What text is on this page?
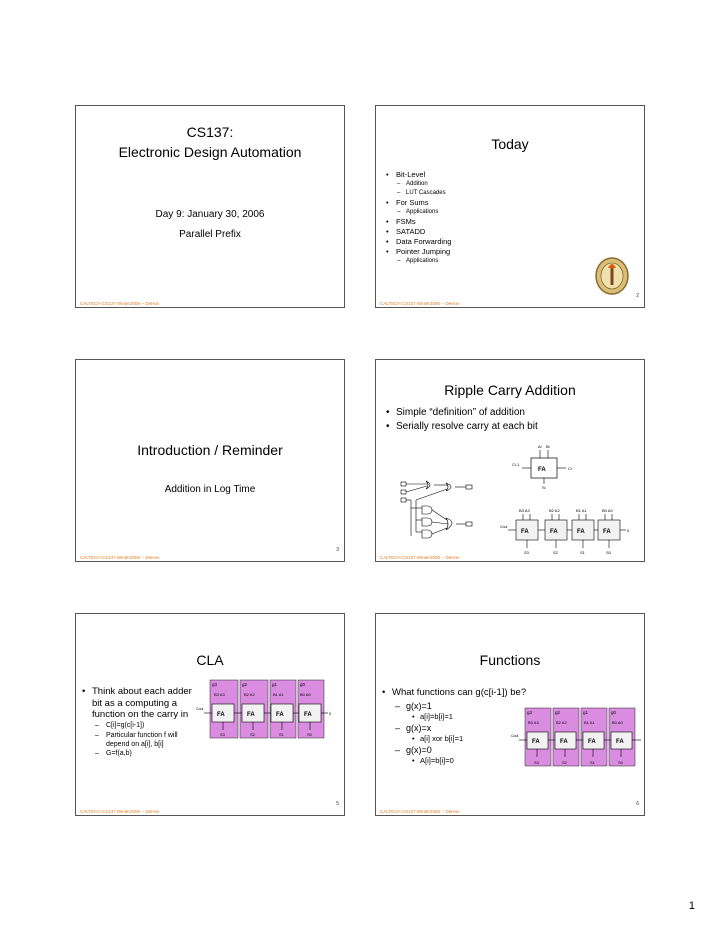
CS137:
Electronic Design Automation
Day 9: January 30, 2006
Parallel Prefix
CALTECH CS137 Winter2006 -- DeHon
Today
• Bit-Level
– Addition
– LUT Cascades
• For Sums
– Applications
• FSMs
• SATADD
• Data Forwarding
• Pointer Jumping
– Applications
2
CALTECH CS137 Winter2006 -- DeHon
Introduction / Reminder
Addition in Log Time
3
CALTECH CS137 Winter2006 -- DeHon
Ripple Carry Addition
• Simple “definition” of addition
• Serially resolve carry at each bit
Ai Bi
FA
Ci-1
Ci
Si
B3 A3	B2 A2	B1 A1	B0 A0
FA	FA	FA	FA
Cout
0
S3	S2	S1	S0
CALTECH CS137 Winter2006 -- DeHon
CLA
• Think about each adder bit as a computing a function on the carry in
– C[i]=g(c[i-1])
– Particular function f will depend on a[i], b[i]
– G=f(a,b)
g3	g2	g1	g0
B3 A3	B2 A2	B1 A1	B0 A0
FA	FA	FA	FA
Cout
0
S3	S2	S1	S0
5
CALTECH CS137 Winter2006 -- DeHon
Functions
• What functions can g(c[i-1]) be?
– g(x)=1
• a[i]=b[i]=1
– g(x)=x
• a[i] xor b[i]=1
– g(x)=0
• A[i]=b[i]=0
g3	g2	g1	g0
B3 A3	B2 A2	B1 A1	B0 A0
FA	FA	FA	FA
Cout
S3	S2	S1	S0
6
CALTECH CS137 Winter2006 -- DeHon
1
